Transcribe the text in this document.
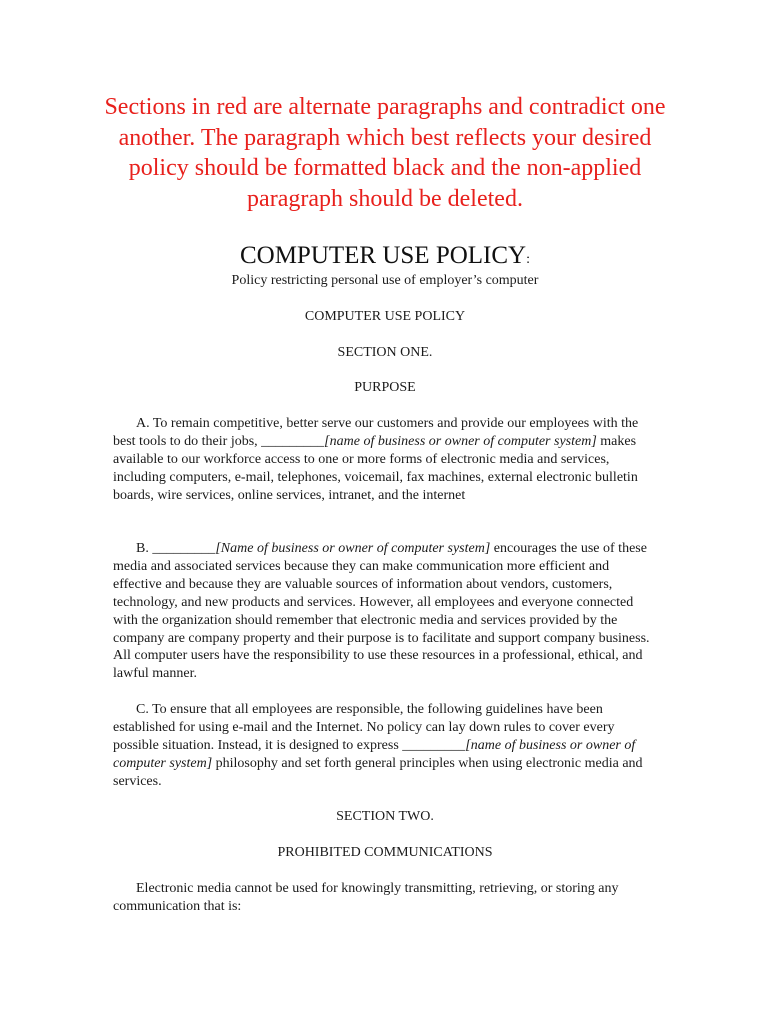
Sections in red are alternate paragraphs and contradict one another. The paragraph which best reflects your desired policy should be formatted black and the non-applied paragraph should be deleted.
COMPUTER USE POLICY:
Policy restricting personal use of employer’s computer
COMPUTER USE POLICY
SECTION ONE.
PURPOSE
A. To remain competitive, better serve our customers and provide our employees with the best tools to do their jobs, _________[name of business or owner of computer system] makes available to our workforce access to one or more forms of electronic media and services, including computers, e-mail, telephones, voicemail, fax machines, external electronic bulletin boards, wire services, online services, intranet, and the internet
B. _________[Name of business or owner of computer system] encourages the use of these media and associated services because they can make communication more efficient and effective and because they are valuable sources of information about vendors, customers, technology, and new products and services. However, all employees and everyone connected with the organization should remember that electronic media and services provided by the company are company property and their purpose is to facilitate and support company business. All computer users have the responsibility to use these resources in a professional, ethical, and lawful manner.
C. To ensure that all employees are responsible, the following guidelines have been established for using e-mail and the Internet. No policy can lay down rules to cover every possible situation. Instead, it is designed to express _________[name of business or owner of computer system] philosophy and set forth general principles when using electronic media and services.
SECTION TWO.
PROHIBITED COMMUNICATIONS
Electronic media cannot be used for knowingly transmitting, retrieving, or storing any communication that is:
